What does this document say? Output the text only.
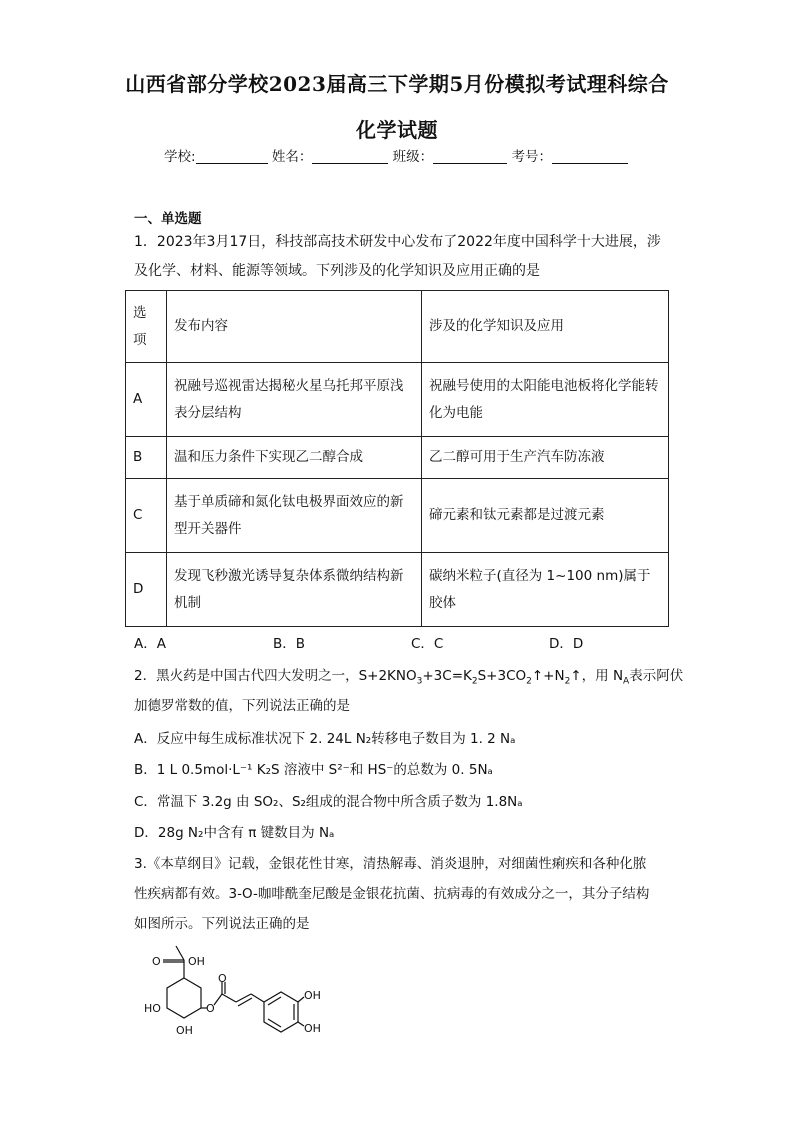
山西省部分学校2023届高三下学期5月份模拟考试理科综合
化学试题
学校:	姓名：	班级：	考号：
一、单选题
1．2023年3月17日，科技部高技术研发中心发布了2022年度中国科学十大进展，涉
及化学、材料、能源等领域。下列涉及的化学知识及应用正确的是
选项	发布内容	涉及的化学知识及应用
A	祝融号巡视雷达揭秘火星乌托邦平原浅表分层结构	祝融号使用的太阳能电池板将化学能转化为电能
B	温和压力条件下实现乙二醇合成	乙二醇可用于生产汽车防冻液
C	基于单质碲和氮化钛电极界面效应的新型开关器件	碲元素和钛元素都是过渡元素
D	发现飞秒激光诱导复杂体系微纳结构新机制	碳纳米粒子(直径为 1~100 nm)属于胶体
A．A	B．B	C．C	D．D
2．黑火药是中国古代四大发明之一，$S+2KNO_3+3C=K_2S+3CO_2↑+N_2↑$，用 $N_A$表示阿伏
加德罗常数的值，下列说法正确的是
A．反应中每生成标准状况下 2. 24L N₂转移电子数目为 1. 2 Nₐ
B．1 L 0.5mol·L⁻¹ K₂S 溶液中 S²⁻和 HS⁻的总数为 0. 5Nₐ
C．常温下 3.2g 由 SO₂、S₂组成的混合物中所含质子数为 1.8Nₐ
D．28g N₂中含有 π 键数目为 Nₐ
3.《本草纲目》记载，金银花性甘寒，清热解毒、消炎退肿，对细菌性痢疾和各种化脓
性疾病都有效。3-O-咖啡酰奎尼酸是金银花抗菌、抗病毒的有效成分之一，其分子结构
如图所示。下列说法正确的是
O OH
HO
OH
O
O
OH
OH
